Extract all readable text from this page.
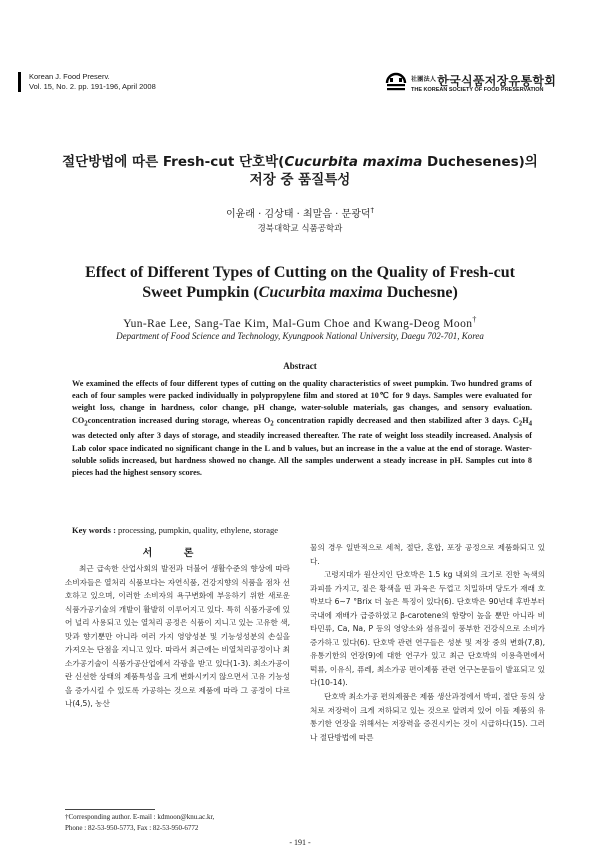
Korean J. Food Preserv.
Vol. 15, No. 2. pp. 191-196, April 2008
$^{社團法人}$한국식품저장유통학회
THE KOREAN SOCIETY OF FOOD PRESERVATION
절단방법에 따른 Fresh-cut 단호박(Cucurbita maxima Duchesenes)의
저장 중 품질특성
이윤래 · 김상태 · 최말음 · 문광덕†
경북대학교 식품공학과
Effect of Different Types of Cutting on the Quality of Fresh-cut
Sweet Pumpkin (Cucurbita maxima Duchesne)
Yun-Rae Lee, Sang-Tae Kim, Mal-Gum Choe and Kwang-Deog Moon†
Department of Food Science and Technology, Kyungpook National University, Daegu 702-701, Korea
Abstract
We examined the effects of four different types of cutting on the quality characteristics of sweet pumpkin. Two hundred grams of each of four samples were packed individually in polypropylene film and stored at 10℃ for 9 days. Samples were evaluated for weight loss, change in hardness, color change, pH change, water-soluble materials, gas changes, and sensory evaluation. $CO_2concentration$ increased during storage, whereas $O_2$ concentration rapidly decreased and then stabilized after 3 days. $C_2H_4$ was detected only after 3 days of storage, and steadily increased thereafter. The rate of weight loss steadily increased. Analysis of Lab color space indicated no significant change in the L and b values, but an increase in the a value at the end of storage. Waster-soluble solids increased, but hardness showed no change. All the samples underwent a steady increase in pH. Samples cut into 8 pieces had the highest sensory scores.
Key words : processing, pumpkin, quality, ethylene, storage
서 론

최근 급속한 산업사회의 발전과 더불어 생활수준의 향상에 따라 소비자들은 열처리 식품보다는 자연식품, 건강지향의 식품을 점차 선호하고 있으며, 이러한 소비자의 욕구변화에 부응하기 위한 새로운 식품가공기술의 개발이 활발히 이루어지고 있다. 특히 식품가공에 있어 널리 사용되고 있는 열처리 공정은 식품이 지니고 있는 고유한 색, 맛과 향기뿐만 아니라 여러 가지 영양성분 및 기능성성분의 손실을 가져오는 단점을 지니고 있다. 따라서 최근에는 비열처리공정이나 최소가공기술이 식품가공산업에서 각광을 받고 있다(1-3). 최소가공이란 신선한 상태의 제품특성을 크게 변화시키지 않으면서 고유 기능성을 증가시킬 수 있도록 가공하는 것으로 제품에 따라 그 공정이 다르나(4,5), 농산

물의 경우 일반적으로 세척, 절단, 혼합, 포장 공정으로 제품화되고 있다.

고령지대가 원산지인 단호박은 1.5 kg 내외의 크기로 진한 녹색의 과피를 가지고, 짙은 황색을 띤 과육은 두껍고 치밀하며 당도가 재래 호박보다 6~7 °Brix 더 높은 특징이 있다(6). 단호박은 90년대 후반부터 국내에 재배가 급증하였고 β-carotene의 함량이 높을 뿐만 아니라 비타민류, Ca, Na, P 등의 영양소와 섬유질이 풍부한 건강식으로 소비가 증가하고 있다(6). 단호박 관련 연구들은 성분 및 저장 중의 변화(7,8), 유통기한의 연장(9)에 대한 연구가 있고 최근 단호박의 이용측면에서 떡류, 이유식, 퓨레, 최소가공 편이제품 관련 연구논문들이 발표되고 있다(10-14).

단호박 최소가공 편의제품은 제품 생산과정에서 박피, 절단 등의 상처로 저장력이 크게 저하되고 있는 것으로 알려져 있어 이들 제품의 유통기한 연장을 위해서는 저장력을 증진시키는 것이 시급하다(15). 그러나 절단방법에 따른

†Corresponding author. E-mail : kdmoon@knu.ac.kr,
Phone : 82-53-950-5773, Fax : 82-53-950-6772
- 191 -
